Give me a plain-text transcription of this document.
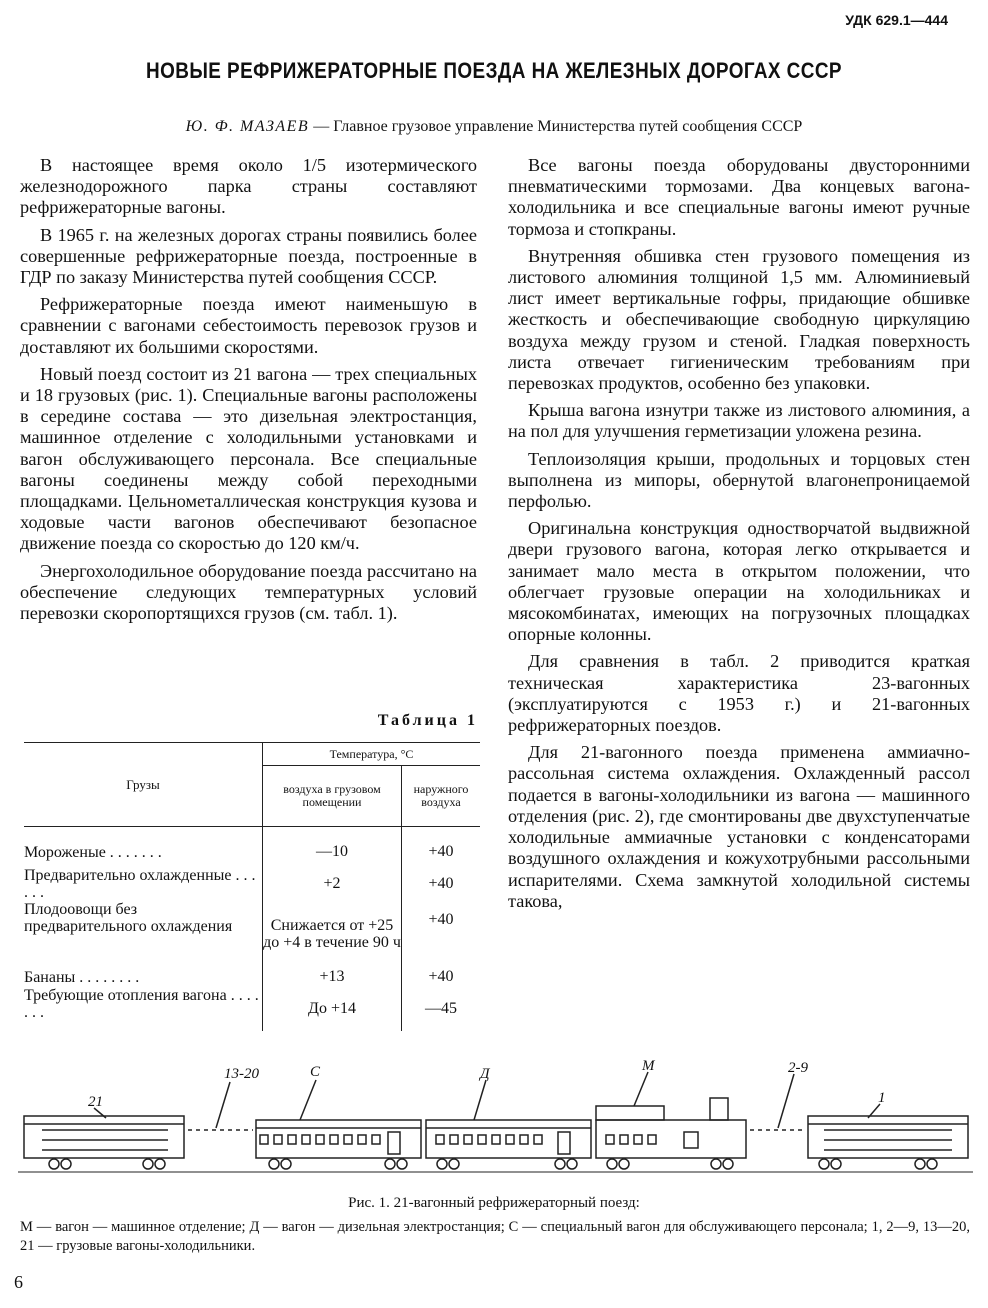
УДК 629.1—444
НОВЫЕ РЕФРИЖЕРАТОРНЫЕ ПОЕЗДА НА ЖЕЛЕЗНЫХ ДОРОГАХ СССР
Ю. Ф. МАЗАЕВ — Главное грузовое управление Министерства путей сообщения СССР

В настоящее время около 1/5 изотермического железнодорожного парка страны составляют рефрижераторные вагоны.

В 1965 г. на железных дорогах страны появились более совершенные рефрижераторные поезда, построенные в ГДР по заказу Министерства путей сообщения СССР.

Рефрижераторные поезда имеют наименьшую в сравнении с вагонами себестоимость перевозок грузов и доставляют их большими скоростями.

Новый поезд состоит из 21 вагона — трех специальных и 18 грузовых (рис. 1). Специальные вагоны расположены в середине состава — это дизельная электростанция, машинное отделение с холодильными установками и вагон обслуживающего персонала. Все специальные вагоны соединены между собой переходными площадками. Цельнометаллическая конструкция кузова и ходовые части вагонов обеспечивают безопасное движение поезда со скоростью до 120 км/ч.

Энергохолодильное оборудование поезда рассчитано на обеспечение следующих температурных условий перевозки скоропортящихся грузов (см. табл. 1).

Таблица 1
Грузы	Температура, °С	
	воздуха в грузовом помещении	наружного воздуха
Мороженые . . . . . . .	—10	+40
Предварительно охлажденные . . . . . .	+2	+40
Плодоовощи без предварительного охлаждения	Снижается от +25 до +4 в течение 90 ч	+40
Бананы . . . . . . . .	+13	+40
Требующие отопления вагона . . . . . . .	До +14	—45

Все вагоны поезда оборудованы двусторонними пневматическими тормозами. Два концевых вагона-холодильника и все специальные вагоны имеют ручные тормоза и стопкраны.

Внутренняя обшивка стен грузового помещения из листового алюминия толщиной 1,5 мм. Алюминиевый лист имеет вертикальные гофры, придающие обшивке жесткость и обеспечивающие свободную циркуляцию воздуха между грузом и стеной. Гладкая поверхность листа отвечает гигиеническим требованиям при перевозках продуктов, особенно без упаковки.

Крыша вагона изнутри также из листового алюминия, а на пол для улучшения герметизации уложена резина.

Теплоизоляция крыши, продольных и торцовых стен выполнена из мипоры, обернутой влагонепроницаемой перфолью.

Оригинальна конструкция одностворчатой выдвижной двери грузового вагона, которая легко открывается и занимает мало места в открытом положении, что облегчает грузовые операции на холодильниках и мясокомбинатах, имеющих на погрузочных площадках опорные колонны.

Для сравнения в табл. 2 приводится краткая техническая характеристика 23-вагонных (эксплуатируются с 1953 г.) и 21-вагонных рефрижераторных поездов.

Для 21-вагонного поезда применена аммиачно-рассольная система охлаждения. Охлажденный рассол подается в вагоны-холодильники из вагона — машинного отделения (рис. 2), где смонтированы две двухступенчатые холодильные аммиачные установки с конденсаторами воздушного охлаждения и кожухотрубными рассольными испарителями. Схема замкнутой холодильной системы такова,

21
13-20	С	Д	М	2-9
1
Рис. 1. 21-вагонный рефрижераторный поезд:
М — вагон — машинное отделение; Д — вагон — дизельная электростанция; С — специальный вагон для обслуживающего персонала; 1, 2—9, 13—20, 21 — грузовые вагоны-холодильники.
6
